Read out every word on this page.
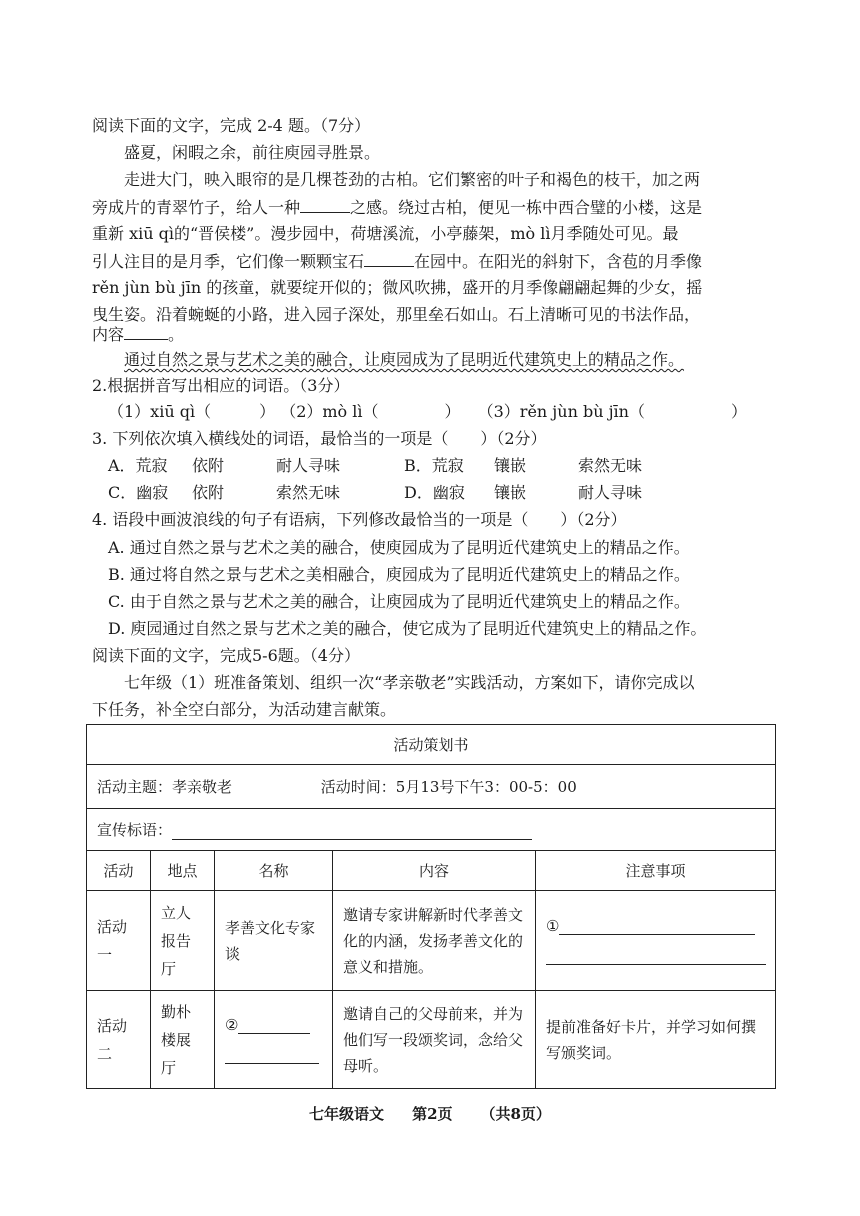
阅读下面的文字，完成 2-4 题。（7分）
盛夏，闲暇之余，前往庾园寻胜景。
走进大门，映入眼帘的是几棵苍劲的古柏。它们繁密的叶子和褐色的枝干，加之两
旁成片的青翠竹子，给人一种	之感。绕过古柏，便见一栋中西合璧的小楼，这是
重新 xiū qì的“晋侯楼”。漫步园中，荷塘溪流，小亭藤架，mò lì月季随处可见。最
引人注目的是月季，它们像一颗颗宝石	在园中。在阳光的斜射下，含苞的月季像
rěn jùn bù jīn 的孩童，就要绽开似的；微风吹拂，盛开的月季像翩翩起舞的少女，摇
曳生姿。沿着蜿蜒的小路，进入园子深处，那里垒石如山。石上清晰可见的书法作品，
内容	。
通过自然之景与艺术之美的融合，让庾园成为了昆明近代建筑史上的精品之作。
2.根据拼音写出相应的词语。（3分）
（1）xiū qì（	） （2）mò lì（	） （3）rěn jùn bù jīn（	）
3. 下列依次填入横线处的词语，最恰当的一项是（　　）（2分）
A．荒寂	依附	耐人寻味	B．荒寂	镶嵌	索然无味
C．幽寂	依附	索然无味	D．幽寂	镶嵌	耐人寻味
4. 语段中画波浪线的句子有语病，下列修改最恰当的一项是（　　）（2分）
A. 通过自然之景与艺术之美的融合，使庾园成为了昆明近代建筑史上的精品之作。
B. 通过将自然之景与艺术之美相融合，庾园成为了昆明近代建筑史上的精品之作。
C. 由于自然之景与艺术之美的融合，让庾园成为了昆明近代建筑史上的精品之作。
D. 庾园通过自然之景与艺术之美的融合，使它成为了昆明近代建筑史上的精品之作。
阅读下面的文字，完成5-6题。（4分）
七年级（1）班准备策划、组织一次“孝亲敬老”实践活动，方案如下，请你完成以
下任务，补全空白部分，为活动建言献策。
活动策划书				
活动主题：孝亲敬老 活动时间：5月13号下午3：00-5：00				
宣传标语：				
活动	地点	名称	内容	注意事项
活动一	立人报告厅	孝善文化专家谈	邀请专家讲解新时代孝善文化的内涵，发扬孝善文化的意义和措施。	①

活动二	勤朴楼展厅	②	邀请自己的父母前来，并为他们写一段颂奖词，念给父母听。	提前准备好卡片，并学习如何撰写颁奖词。
七年级语文 第2页 （共8页）
